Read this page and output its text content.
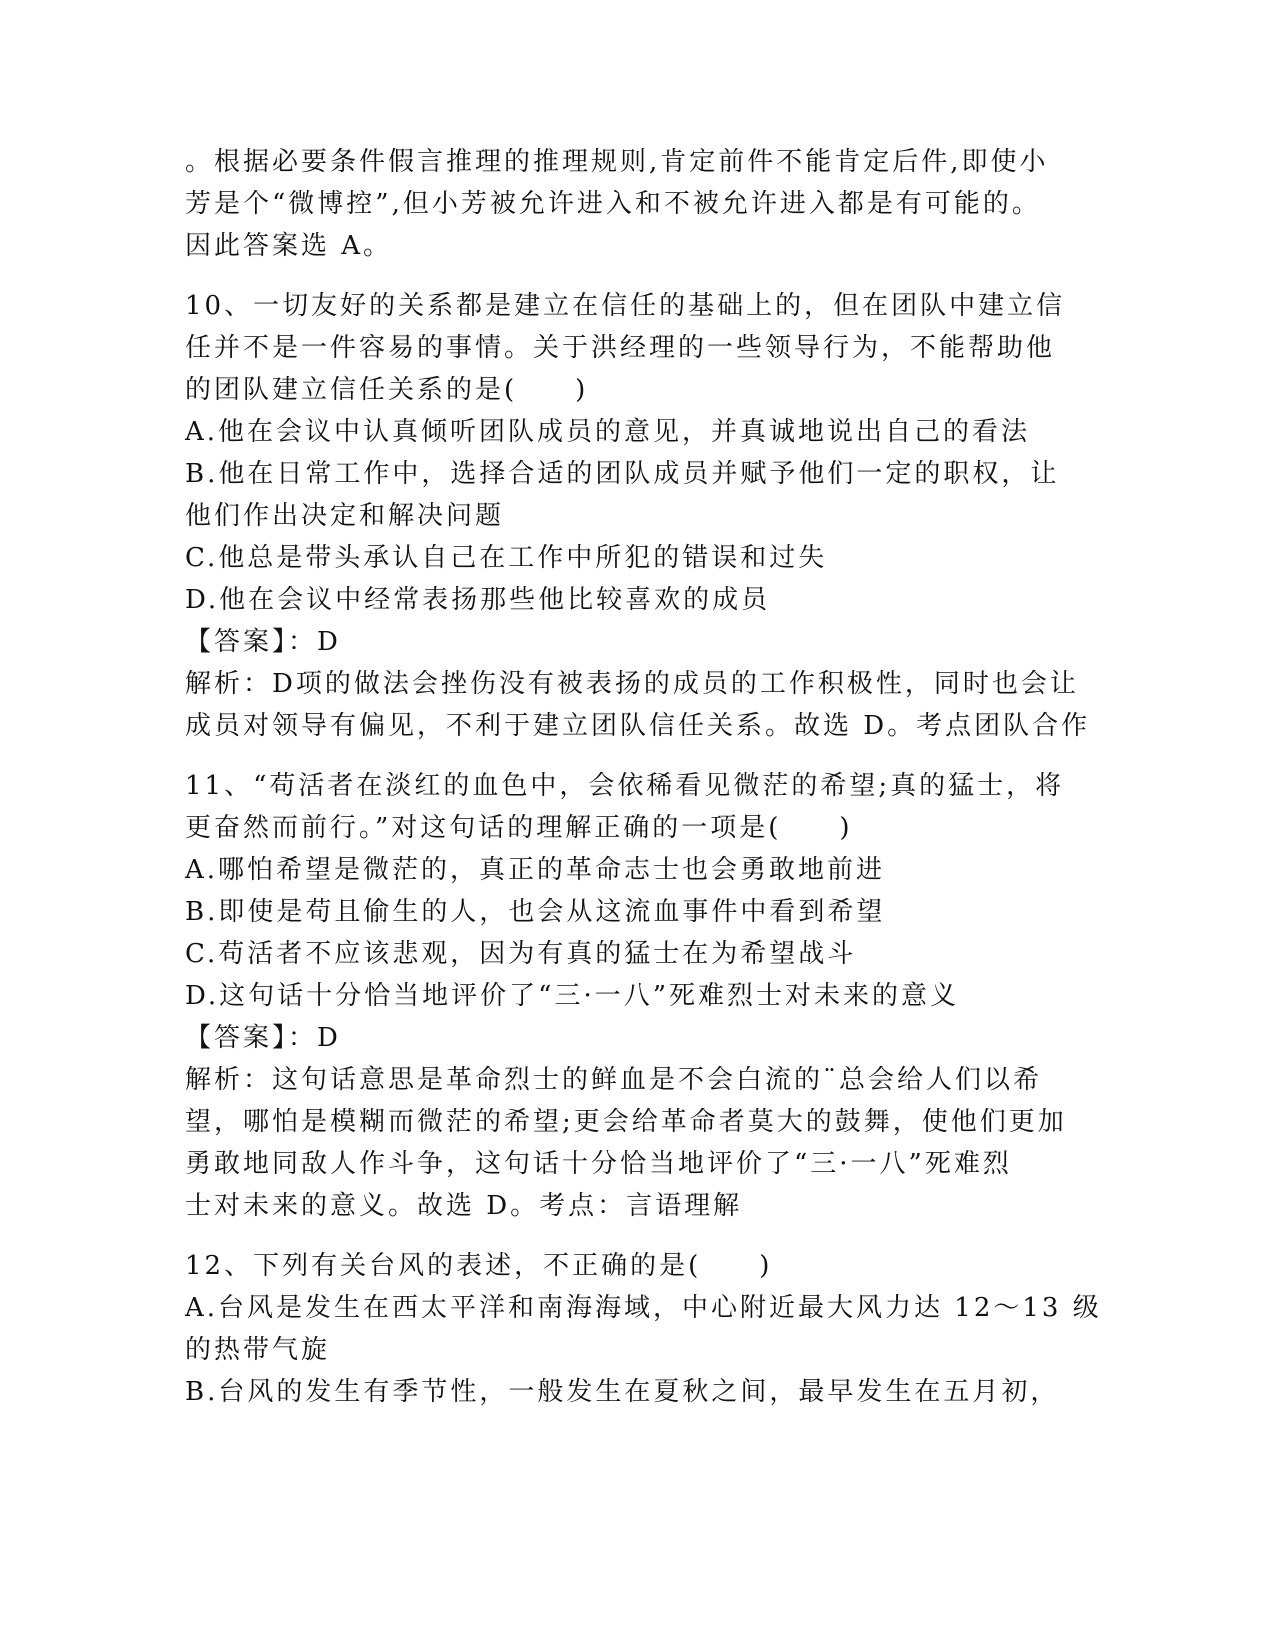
。根据必要条件假言推理的推理规则,肯定前件不能肯定后件,即使小
芳是个“微博控”,但小芳被允许进入和不被允许进入都是有可能的。
因此答案选 A。
10、一切友好的关系都是建立在信任的基础上的，但在团队中建立信
任并不是一件容易的事情。关于洪经理的一些领导行为，不能帮助他
的团队建立信任关系的是(　　)
A.他在会议中认真倾听团队成员的意见，并真诚地说出自己的看法
B.他在日常工作中，选择合适的团队成员并赋予他们一定的职权，让
他们作出决定和解决问题
C.他总是带头承认自己在工作中所犯的错误和过失
D.他在会议中经常表扬那些他比较喜欢的成员
【答案】：D
解析：D项的做法会挫伤没有被表扬的成员的工作积极性，同时也会让
成员对领导有偏见，不利于建立团队信任关系。故选 D。考点团队合作
11、“苟活者在淡红的血色中，会依稀看见微茫的希望;真的猛士，将
更奋然而前行。”对这句话的理解正确的一项是(　　)
A.哪怕希望是微茫的，真正的革命志士也会勇敢地前进
B.即使是苟且偷生的人，也会从这流血事件中看到希望
C.苟活者不应该悲观，因为有真的猛士在为希望战斗
D.这句话十分恰当地评价了“三·一八”死难烈士对未来的意义
【答案】：D
解析：这句话意思是革命烈士的鲜血是不会白流的¨总会给人们以希
望，哪怕是模糊而微茫的希望;更会给革命者莫大的鼓舞，使他们更加
勇敢地同敌人作斗争，这句话十分恰当地评价了“三·一八”死难烈
士对未来的意义。故选 D。考点：言语理解
12、下列有关台风的表述，不正确的是(　　)
A.台风是发生在西太平洋和南海海域，中心附近最大风力达 12～13 级
的热带气旋
B.台风的发生有季节性，一般发生在夏秋之间，最早发生在五月初，
